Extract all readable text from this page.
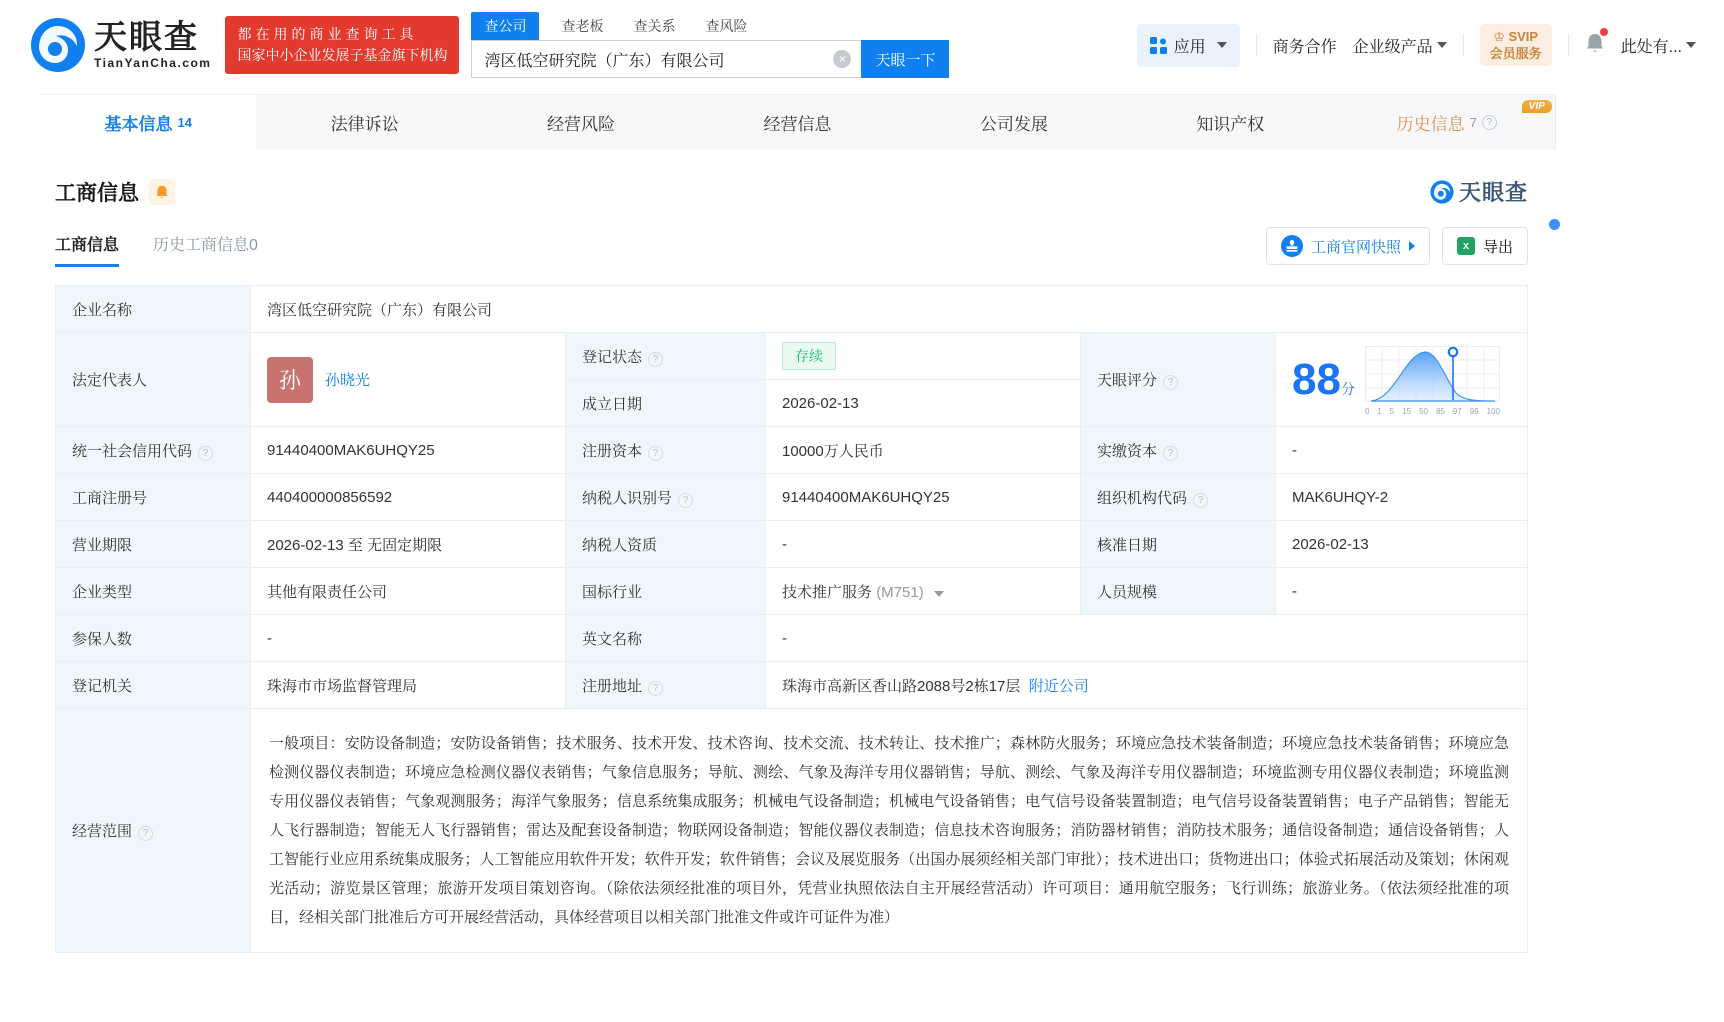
天眼查
TianYanCha.com
都在用的商业查询工具
国家中小企业发展子基金旗下机构
查公司	查老板 查关系 查风险
湾区低空研究院（广东）有限公司
×	天眼一下
应用	商务合作 企业级产品
♔ SVIP
会员服务	此处有...
基本信息 14	法律诉讼	经营风险	经营信息	公司发展	知识产权
VIP
历史信息 7
?
工商信息	天眼查
工商信息 历史工商信息0	工商官网快照	x 导出
企业名称	湾区低空研究院（广东）有限公司				
法定代表人	孙	孙晓光
	登记状态?	存续	天眼评分?	88分
0 1 5 15 50 85 97 99 100

		成立日期	2026-02-13		
统一社会信用代码?	91440400MAK6UHQY25	注册资本?	10000万人民币	实缴资本?	-
工商注册号	440400000856592	纳税人识别号?	91440400MAK6UHQY25	组织机构代码?	MAK6UHQY-2
营业期限	2026-02-13 至 无固定期限	纳税人资质	-	核准日期	2026-02-13
企业类型	其他有限责任公司	国标行业	技术推广服务 (M751)	人员规模	-
参保人数	-	英文名称	-		
登记机关	珠海市市场监督管理局	注册地址?	珠海市高新区香山路2088号2栋17层 附近公司		
经营范围?	一般项目：安防设备制造；安防设备销售；技术服务、技术开发、技术咨询、技术交流、技术转让、技术推广；森林防火服务；环境应急技术装备制造；环境应急技术装备销售；环境应急检测仪器仪表制造；环境应急检测仪器仪表销售；气象信息服务；导航、测绘、气象及海洋专用仪器销售；导航、测绘、气象及海洋专用仪器制造；环境监测专用仪器仪表制造；环境监测专用仪器仪表销售；气象观测服务；海洋气象服务；信息系统集成服务；机械电气设备制造；机械电气设备销售；电气信号设备装置制造；电气信号设备装置销售；电子产品销售；智能无人飞行器制造；智能无人飞行器销售；雷达及配套设备制造；物联网设备制造；智能仪器仪表制造；信息技术咨询服务；消防器材销售；消防技术服务；通信设备制造；通信设备销售；人工智能行业应用系统集成服务；人工智能应用软件开发；软件开发；软件销售；会议及展览服务（出国办展须经相关部门审批）；技术进出口；货物进出口；体验式拓展活动及策划；休闲观光活动；游览景区管理；旅游开发项目策划咨询。（除依法须经批准的项目外，凭营业执照依法自主开展经营活动）许可项目：通用航空服务；飞行训练；旅游业务。（依法须经批准的项目，经相关部门批准后方可开展经营活动，具体经营项目以相关部门批准文件或许可证件为准）				
